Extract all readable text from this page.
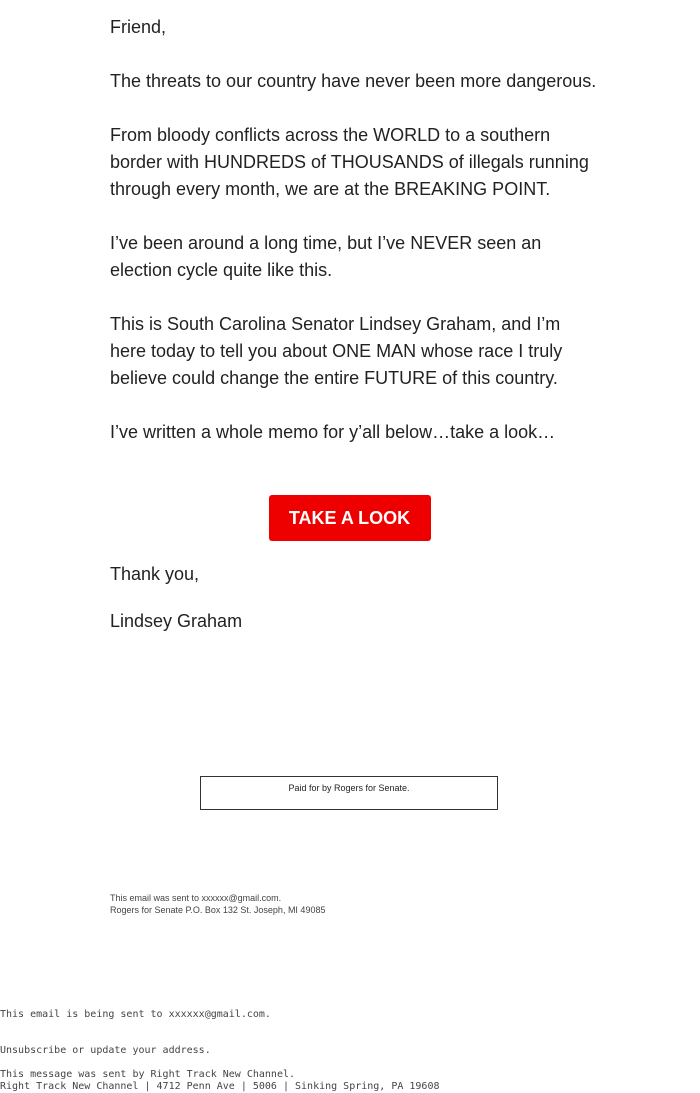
Friend,

The threats to our country have never been more dangerous.

From bloody conflicts across the WORLD to a southern border with HUNDREDS of THOUSANDS of illegals running through every month, we are at the BREAKING POINT.

I’ve been around a long time, but I’ve NEVER seen an election cycle quite like this.

This is South Carolina Senator Lindsey Graham, and I’m here today to tell you about ONE MAN whose race I truly believe could change the entire FUTURE of this country.

I’ve written a whole memo for y’all below…take a look…

TAKE A LOOK
Thank you,
Lindsey Graham
Paid for by Rogers for Senate.
This email was sent to xxxxxx@gmail.com.
Rogers for Senate P.O. Box 132 St. Joseph, MI 49085
This email is being sent to xxxxxx@gmail.com.
Unsubscribe or update your address.
This message was sent by Right Track New Channel.
Right Track New Channel | 4712 Penn Ave | 5006 | Sinking Spring, PA 19608
